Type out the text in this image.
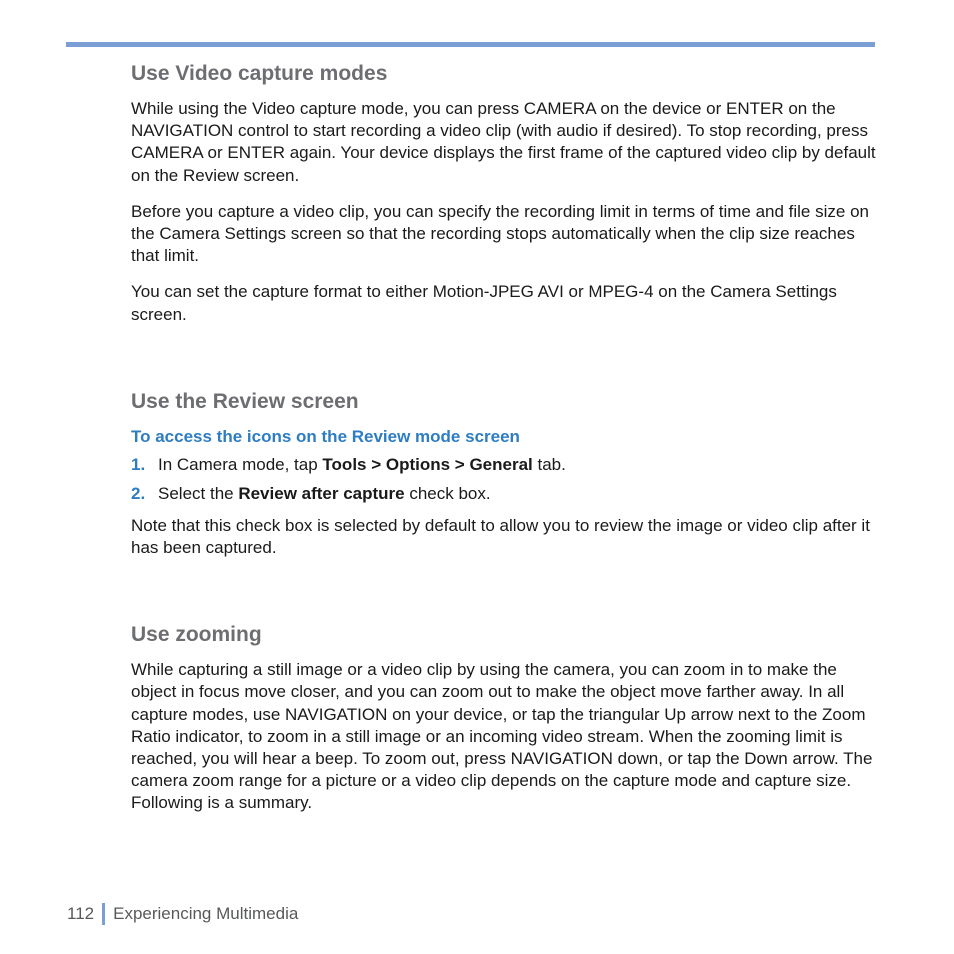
Use Video capture modes

While using the Video capture mode, you can press CAMERA on the device or ENTER on the NAVIGATION control to start recording a video clip (with audio if desired). To stop recording, press CAMERA or ENTER again. Your device displays the first frame of the captured video clip by default on the Review screen.

Before you capture a video clip, you can specify the recording limit in terms of time and file size on the Camera Settings screen so that the recording stops automatically when the clip size reaches that limit.

You can set the capture format to either Motion-JPEG AVI or MPEG-4 on the Camera Settings screen.

Use the Review screen
To access the icons on the Review mode screen
1. In Camera mode, tap Tools > Options > General tab.
2. Select the Review after capture check box.

Note that this check box is selected by default to allow you to review the image or video clip after it has been captured.

Use zooming

While capturing a still image or a video clip by using the camera, you can zoom in to make the object in focus move closer, and you can zoom out to make the object move farther away. In all capture modes, use NAVIGATION on your device, or tap the triangular Up arrow next to the Zoom Ratio indicator, to zoom in a still image or an incoming video stream. When the zooming limit is reached, you will hear a beep. To zoom out, press NAVIGATION down, or tap the Down arrow. The camera zoom range for a picture or a video clip depends on the capture mode and capture size. Following is a summary.

112 Experiencing Multimedia
